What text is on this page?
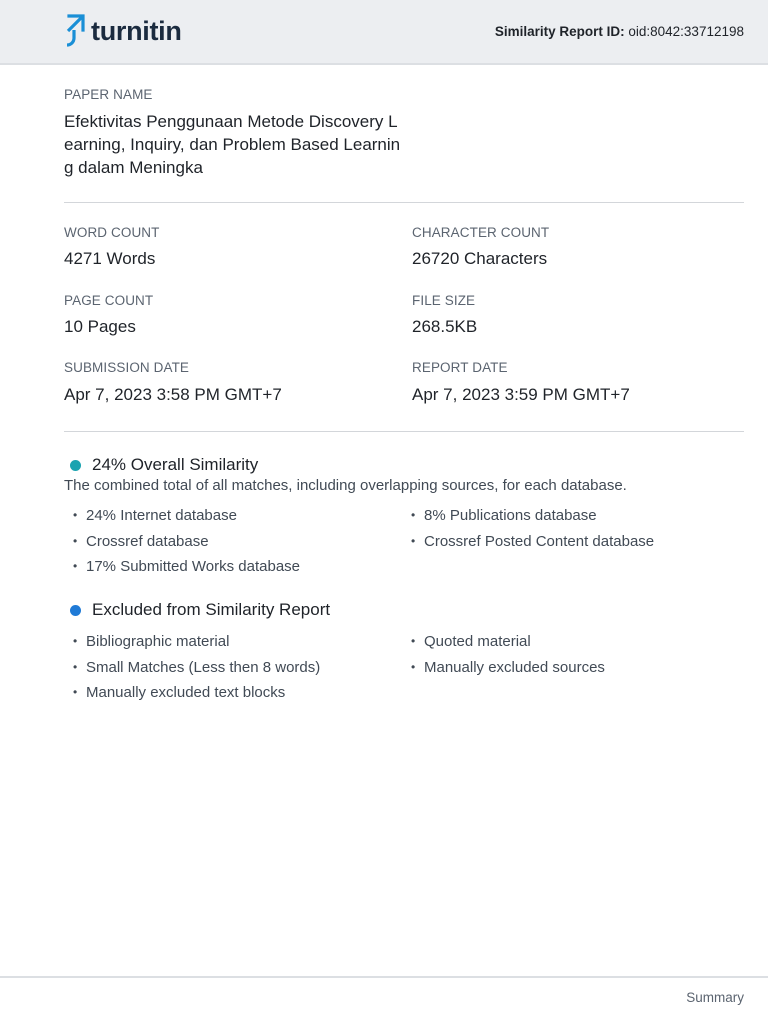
turnitin	Similarity Report ID: oid:8042:33712198
PAPER NAME
Efektivitas Penggunaan Metode Discovery Learning, Inquiry, dan Problem Based Learning dalam Meningka
WORD COUNT
4271 Words
CHARACTER COUNT
26720 Characters
PAGE COUNT
10 Pages
FILE SIZE
268.5KB
SUBMISSION DATE
Apr 7, 2023 3:58 PM GMT+7
REPORT DATE
Apr 7, 2023 3:59 PM GMT+7
24% Overall Similarity
The combined total of all matches, including overlapping sources, for each database.
• 24% Internet database
• Crossref database
• 17% Submitted Works database
• 8% Publications database
• Crossref Posted Content database
Excluded from Similarity Report
• Bibliographic material
• Small Matches (Less then 8 words)
• Manually excluded text blocks
• Quoted material
• Manually excluded sources
Summary
